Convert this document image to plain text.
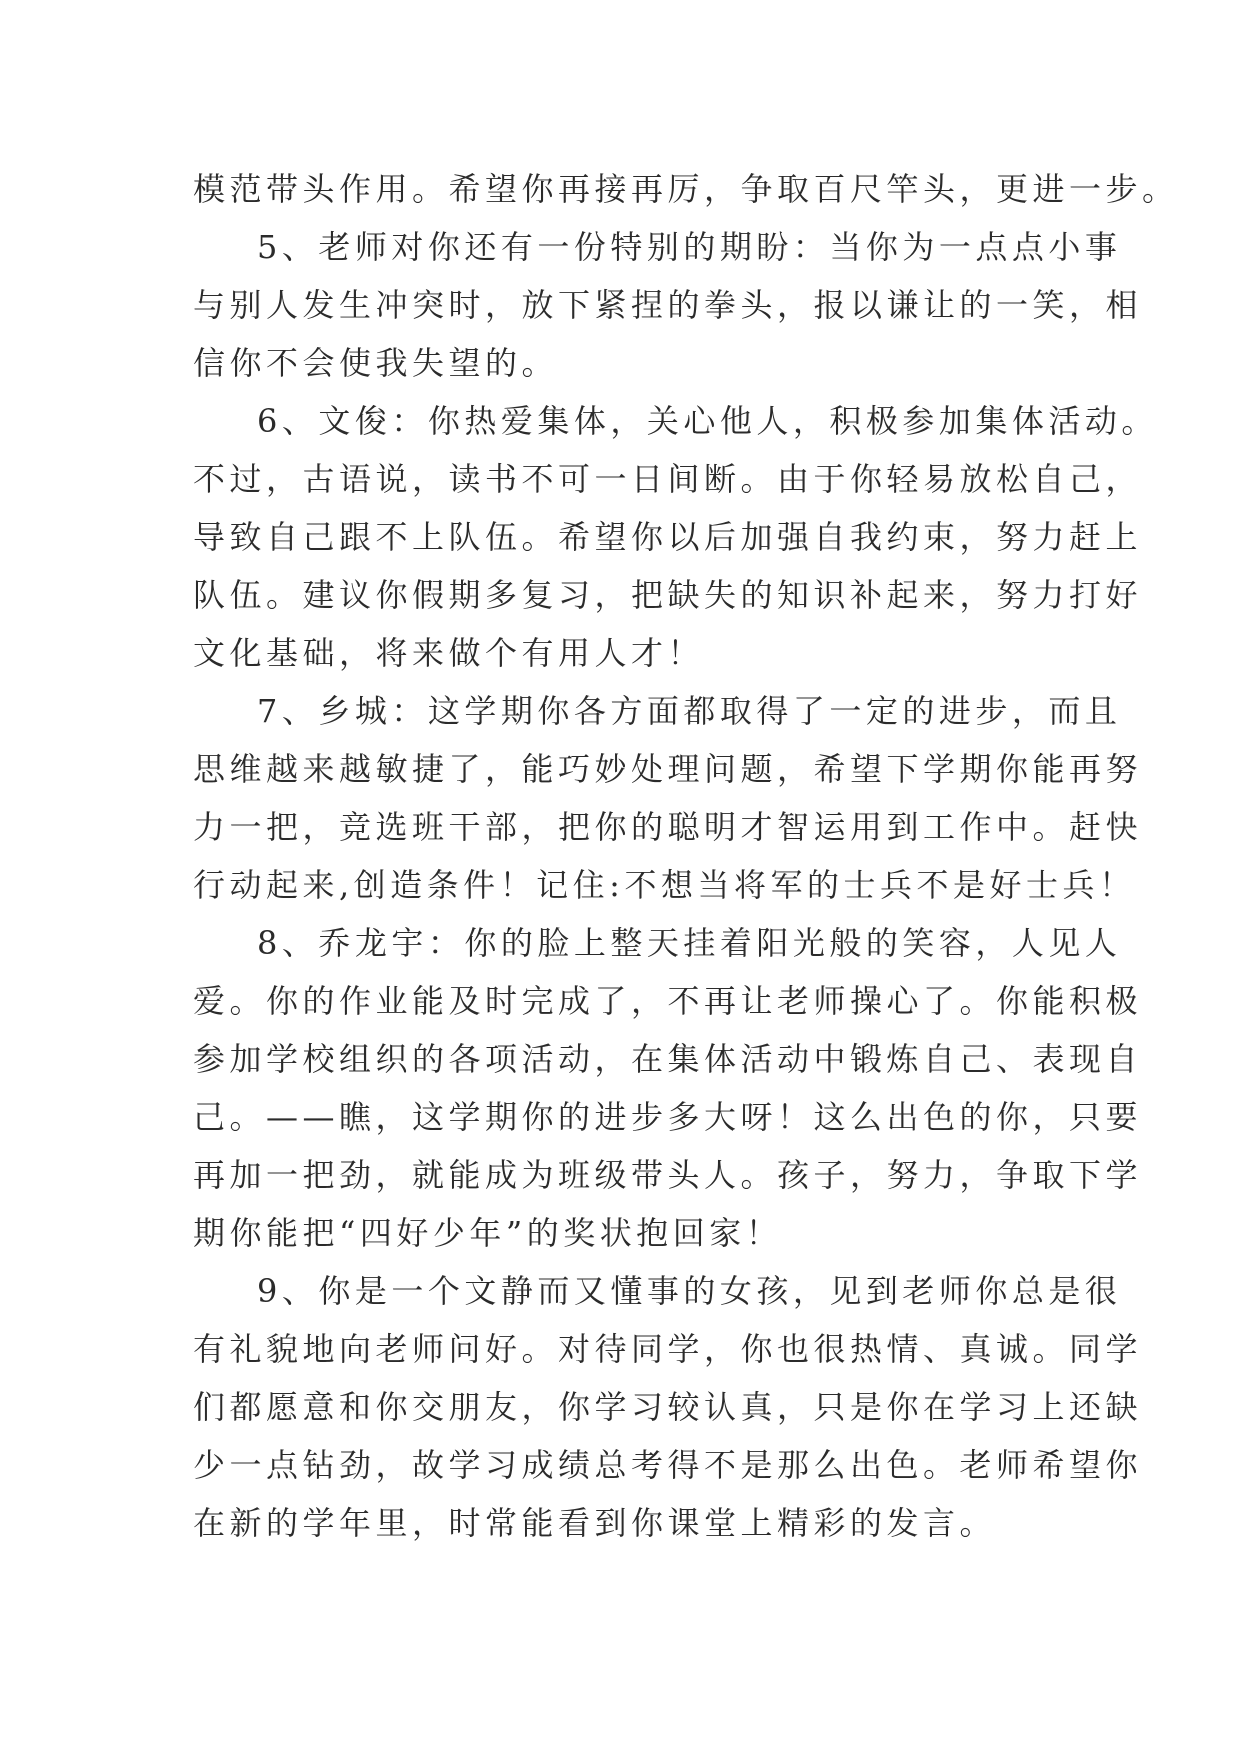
模范带头作用。希望你再接再厉，争取百尺竿头，更进一步。

5、老师对你还有一份特别的期盼：当你为一点点小事

与别人发生冲突时，放下紧捏的拳头，报以谦让的一笑，相

信你不会使我失望的。

6、文俊：你热爱集体，关心他人，积极参加集体活动。

不过，古语说，读书不可一日间断。由于你轻易放松自己，

导致自己跟不上队伍。希望你以后加强自我约束，努力赶上

队伍。建议你假期多复习，把缺失的知识补起来，努力打好

文化基础，将来做个有用人才！

7、乡城：这学期你各方面都取得了一定的进步，而且

思维越来越敏捷了，能巧妙处理问题，希望下学期你能再努

力一把，竞选班干部，把你的聪明才智运用到工作中。赶快

行动起来,创造条件！记住:不想当将军的士兵不是好士兵！

8、乔龙宇：你的脸上整天挂着阳光般的笑容，人见人

爱。你的作业能及时完成了，不再让老师操心了。你能积极

参加学校组织的各项活动，在集体活动中锻炼自己、表现自

己。——瞧，这学期你的进步多大呀！这么出色的你，只要

再加一把劲，就能成为班级带头人。孩子，努力，争取下学

期你能把“四好少年”的奖状抱回家！

9、你是一个文静而又懂事的女孩，见到老师你总是很

有礼貌地向老师问好。对待同学，你也很热情、真诚。同学

们都愿意和你交朋友，你学习较认真，只是你在学习上还缺

少一点钻劲，故学习成绩总考得不是那么出色。老师希望你

在新的学年里，时常能看到你课堂上精彩的发言。
